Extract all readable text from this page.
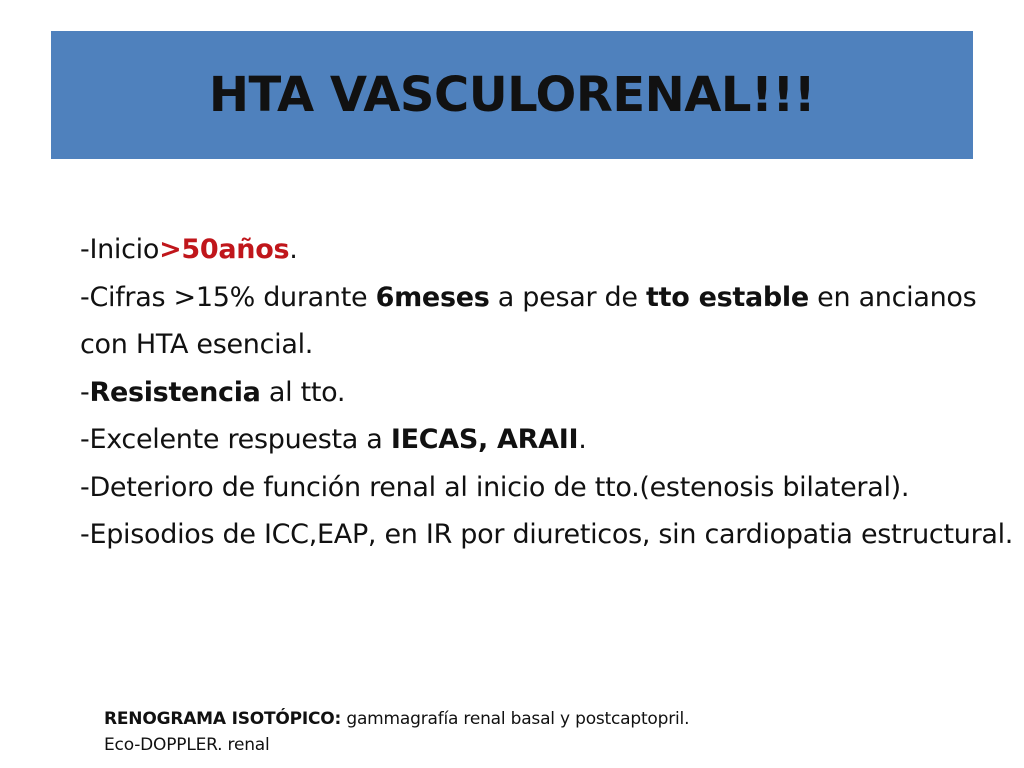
HTA VASCULORENAL!!!

-Inicio>50años.

-Cifras >15% durante 6meses a pesar de tto estable en ancianos con HTA esencial.

-Resistencia al tto.

-Excelente respuesta a IECAS, ARAII.

-Deterioro de función renal al inicio de tto.(estenosis bilateral).

-Episodios de ICC,EAP, en IR por diureticos, sin cardiopatia estructural.

RENOGRAMA ISOTÓPICO: gammagrafía renal basal y postcaptopril.

Eco-DOPPLER. renal
